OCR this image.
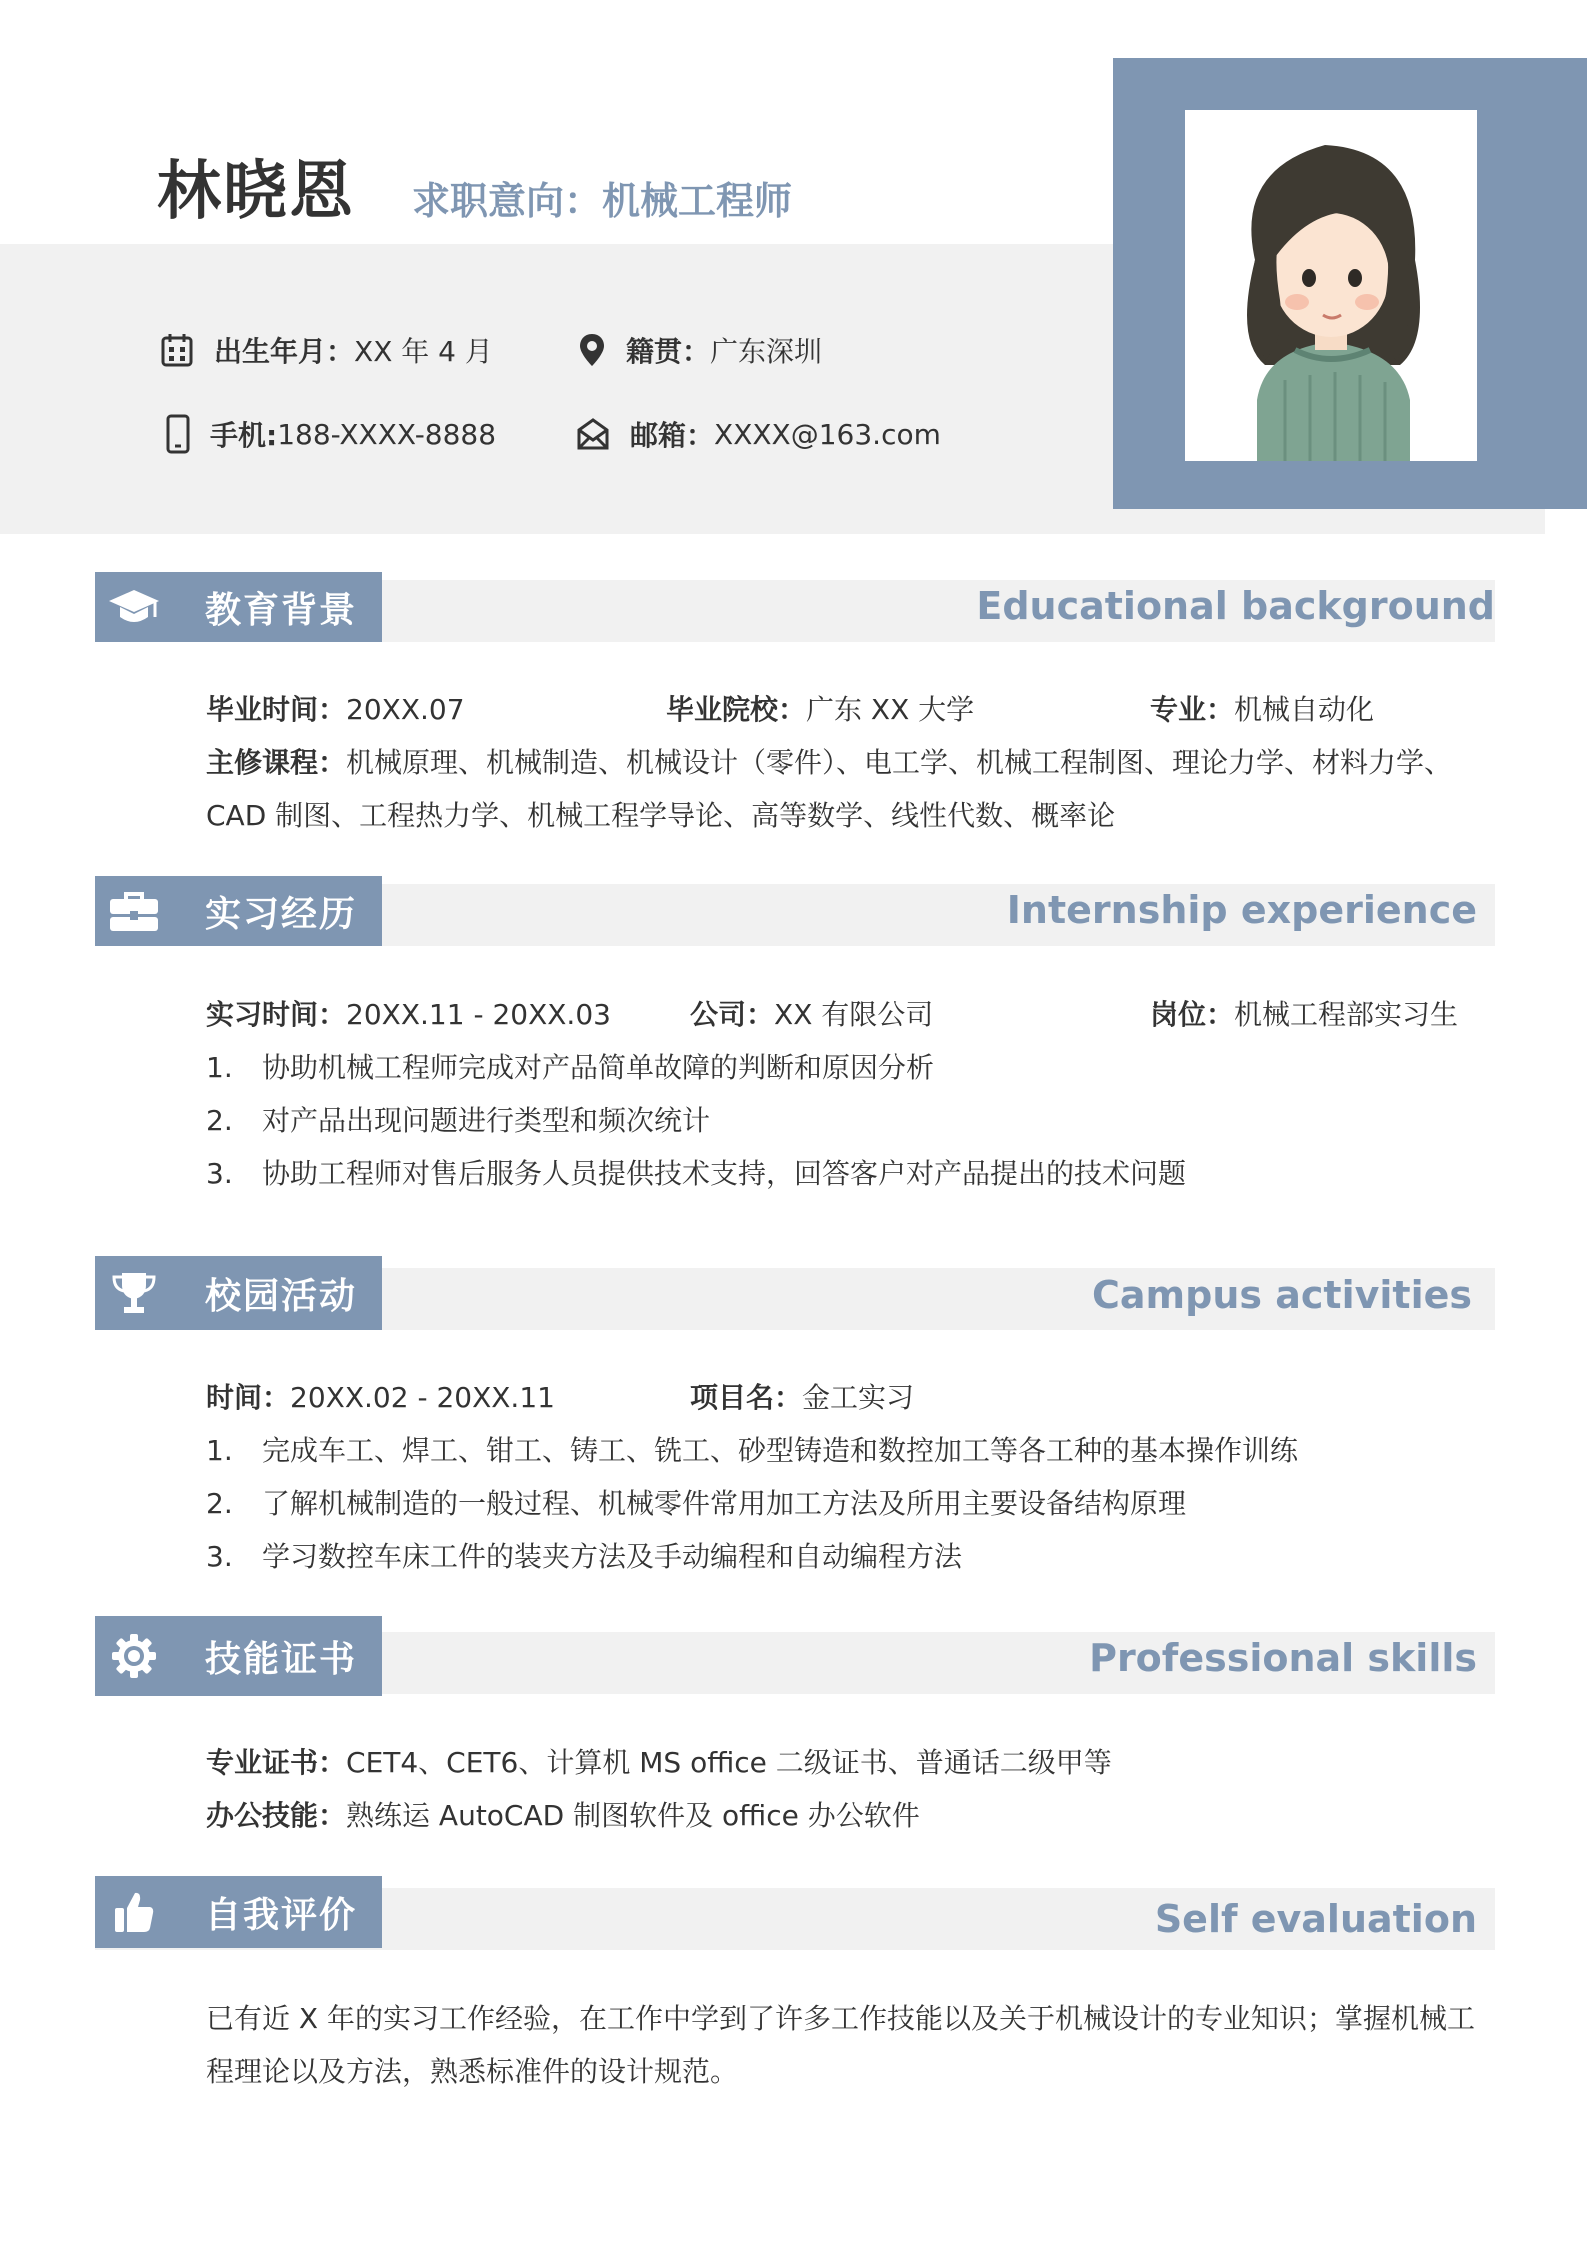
林晓恩 求职意向：机械工程师
出生年月： XX 年 4 月	籍贯： 广东深圳
手机: 188-XXXX-8888	邮箱： XXXX@163.com
教育背景	Educational background
毕业时间：20XX.07	毕业院校：广东 XX 大学	专业：机械自动化
主修课程：机械原理、机械制造、机械设计（零件）、电工学、机械工程制图、理论力学、材料力学、
CAD 制图、工程热力学、机械工程学导论、高等数学、线性代数、概率论
实习经历	Internship experience
实习时间：20XX.11 - 20XX.03	公司：XX 有限公司	岗位：机械工程部实习生
1. 协助机械工程师完成对产品简单故障的判断和原因分析
2. 对产品出现问题进行类型和频次统计
3. 协助工程师对售后服务人员提供技术支持，回答客户对产品提出的技术问题
校园活动	Campus activities
时间：20XX.02 - 20XX.11	项目名：金工实习
1. 完成车工、焊工、钳工、铸工、铣工、砂型铸造和数控加工等各工种的基本操作训练
2. 了解机械制造的一般过程、机械零件常用加工方法及所用主要设备结构原理
3. 学习数控车床工件的装夹方法及手动编程和自动编程方法
技能证书	Professional skills
专业证书：CET4、CET6、计算机 MS office 二级证书、普通话二级甲等
办公技能：熟练运 AutoCAD 制图软件及 office 办公软件
自我评价	Self evaluation
已有近 X 年的实习工作经验，在工作中学到了许多工作技能以及关于机械设计的专业知识；掌握机械工
程理论以及方法，熟悉标准件的设计规范。
